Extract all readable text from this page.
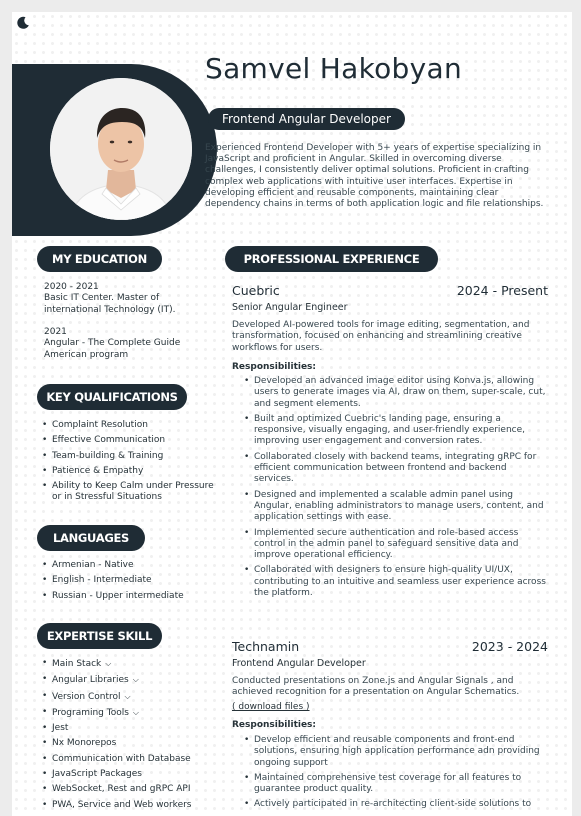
Samvel Hakobyan
Frontend Angular Developer
Experienced Frontend Developer with 5+ years of expertise specializing in JavaScript and proficient in Angular. Skilled in overcoming diverse challenges, I consistently deliver optimal solutions. Proficient in crafting complex web applications with intuitive user interfaces. Expertise in developing efficient and reusable components, maintaining clear dependency chains in terms of both application logic and file relationships.
MY EDUCATION
2020 - 2021
Basic IT Center. Master of international Technology (IT).
2021
Angular - The Complete Guide American program
KEY QUALIFICATIONS
• Complaint Resolution
• Effective Communication
• Team-building & Training
• Patience & Empathy
• Ability to Keep Calm under Pressure or in Stressful Situations
LANGUAGES
• Armenian - Native
• English - Intermediate
• Russian - Upper intermediate
EXPERTISE SKILL
• Main Stack ⌵
• Angular Libraries ⌵
• Version Control ⌵
• Programing Tools ⌵
• Jest
• Nx Monorepos
• Communication with Database
• JavaScript Packages
• WebSocket, Rest and gRPC API
• PWA, Service and Web workers
PROFESSIONAL EXPERIENCE
Cuebric	2024 - Present
Senior Angular Engineer
Developed AI-powered tools for image editing, segmentation, and transformation, focused on enhancing and streamlining creative workflows for users.
Responsibilities:
• Developed an advanced image editor using Konva.js, allowing users to generate images via AI, draw on them, super-scale, cut, and segment elements.
• Built and optimized Cuebric's landing page, ensuring a responsive, visually engaging, and user-friendly experience, improving user engagement and conversion rates.
• Collaborated closely with backend teams, integrating gRPC for efficient communication between frontend and backend services.
• Designed and implemented a scalable admin panel using Angular, enabling administrators to manage users, content, and application settings with ease.
• Implemented secure authentication and role-based access control in the admin panel to safeguard sensitive data and improve operational efficiency.
• Collaborated with designers to ensure high-quality UI/UX, contributing to an intuitive and seamless user experience across the platform.
Technamin	2023 - 2024
Frontend Angular Developer
Conducted presentations on Zone.js and Angular Signals , and achieved recognition for a presentation on Angular Schematics.
( download files )
Responsibilities:
• Develop efficient and reusable components and front-end solutions, ensuring high application performance adn providing ongoing support
• Maintained comprehensive test coverage for all features to guarantee product quality.
• Actively participated in re-architecting client-side solutions to
